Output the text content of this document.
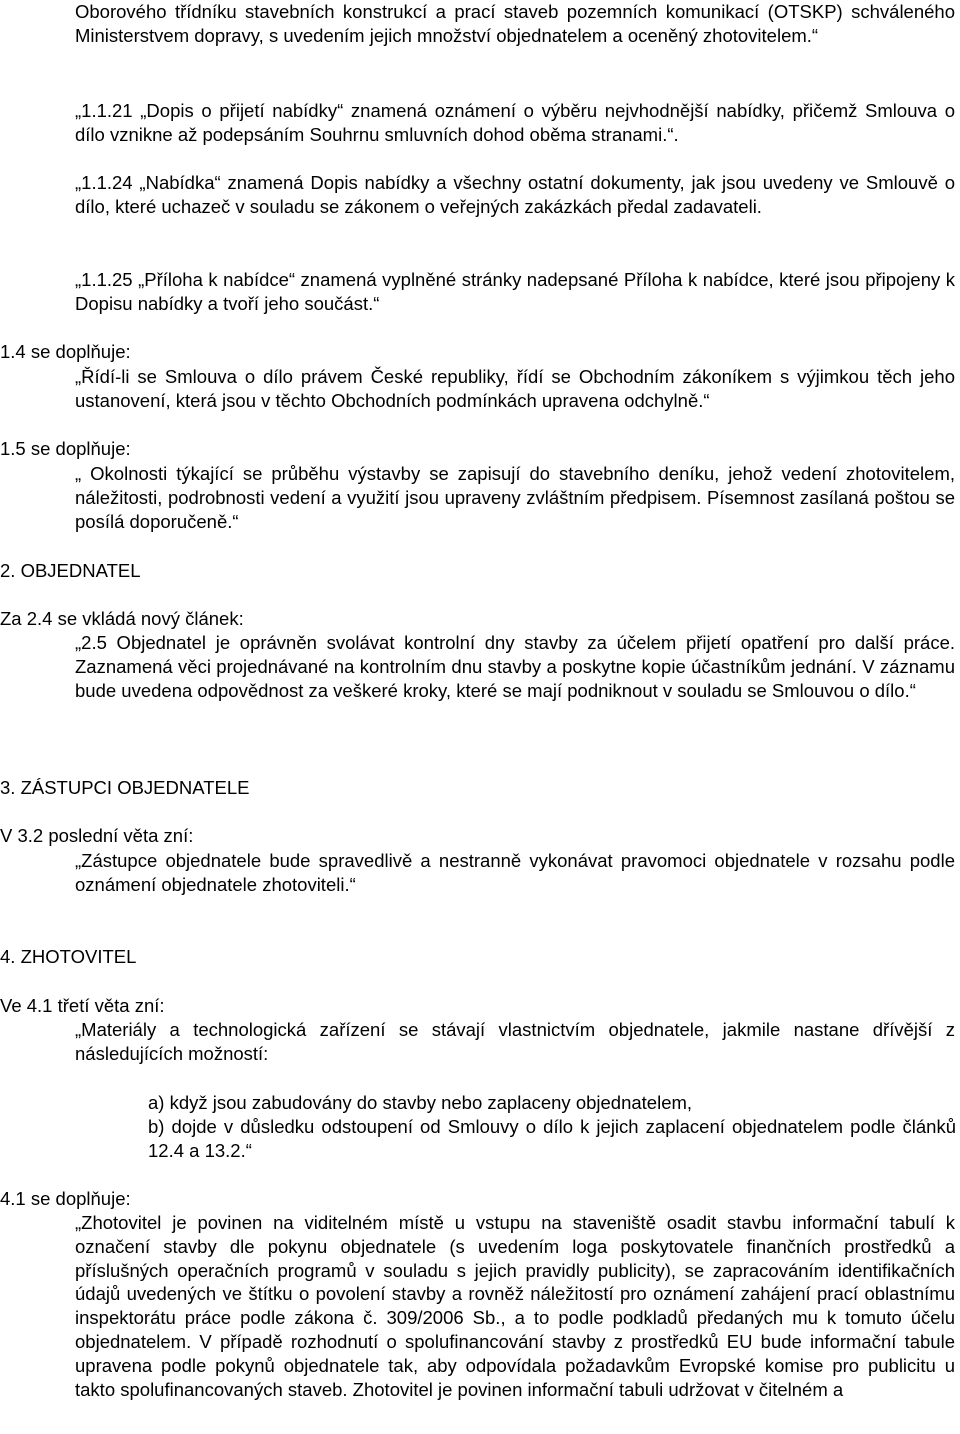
Oborového třídníku stavebních konstrukcí a prací staveb pozemních komunikací (OTSKP) schváleného Ministerstvem dopravy, s uvedením jejich množství objednatelem a oceněný zhotovitelem.“

„1.1.21 „Dopis o přijetí nabídky“ znamená oznámení o výběru nejvhodnější nabídky, přičemž Smlouva o dílo vznikne až podepsáním Souhrnu smluvních dohod oběma stranami.“.

„1.1.24 „Nabídka“ znamená Dopis nabídky a všechny ostatní dokumenty, jak jsou uvedeny ve Smlouvě o dílo, které uchazeč v souladu se zákonem o veřejných zakázkách předal zadavateli.

„1.1.25 „Příloha k nabídce“ znamená vyplněné stránky nadepsané Příloha k nabídce, které jsou připojeny k Dopisu nabídky a tvoří jeho součást.“

1.4 se doplňuje:

„Řídí-li se Smlouva o dílo právem České republiky, řídí se Obchodním zákoníkem s výjimkou těch jeho ustanovení, která jsou v těchto Obchodních podmínkách upravena odchylně.“

1.5 se doplňuje:

„ Okolnosti týkající se průběhu výstavby se zapisují do stavebního deníku, jehož vedení zhotovitelem, náležitosti, podrobnosti vedení a využití jsou upraveny zvláštním předpisem. Písemnost zasílaná poštou se posílá doporučeně.“

2. OBJEDNATEL

Za 2.4 se vkládá nový článek:

„2.5 Objednatel je oprávněn svolávat kontrolní dny stavby za účelem přijetí opatření pro další práce. Zaznamená věci projednávané na kontrolním dnu stavby a poskytne kopie účastníkům jednání. V záznamu bude uvedena odpovědnost za veškeré kroky, které se mají podniknout v souladu se Smlouvou o dílo.“

3. ZÁSTUPCI OBJEDNATELE

V 3.2 poslední věta zní:

„Zástupce objednatele bude spravedlivě a nestranně vykonávat pravomoci objednatele v rozsahu podle oznámení objednatele zhotoviteli.“

4. ZHOTOVITEL

Ve 4.1 třetí věta zní:

„Materiály a technologická zařízení se stávají vlastnictvím objednatele, jakmile nastane dřívější z následujících možností:

a) když jsou zabudovány do stavby nebo zaplaceny objednatelem,

b) dojde v důsledku odstoupení od Smlouvy o dílo k jejich zaplacení objednatelem podle článků 12.4 a 13.2.“

4.1 se doplňuje:

„Zhotovitel je povinen na viditelném místě u vstupu na staveniště osadit stavbu informační tabulí k označení stavby dle pokynu objednatele (s uvedením loga poskytovatele finančních prostředků a příslušných operačních programů v souladu s jejich pravidly publicity), se zapracováním identifikačních údajů uvedených ve štítku o povolení stavby a rovněž náležitostí pro oznámení zahájení prací oblastnímu inspektorátu práce podle zákona č. 309/2006 Sb., a to podle podkladů předaných mu k tomuto účelu objednatelem. V případě rozhodnutí o spolufinancování stavby z prostředků EU bude informační tabule upravena podle pokynů objednatele tak, aby odpovídala požadavkům Evropské komise pro publicitu u takto spolufinancovaných staveb. Zhotovitel je povinen informační tabuli udržovat v čitelném a
